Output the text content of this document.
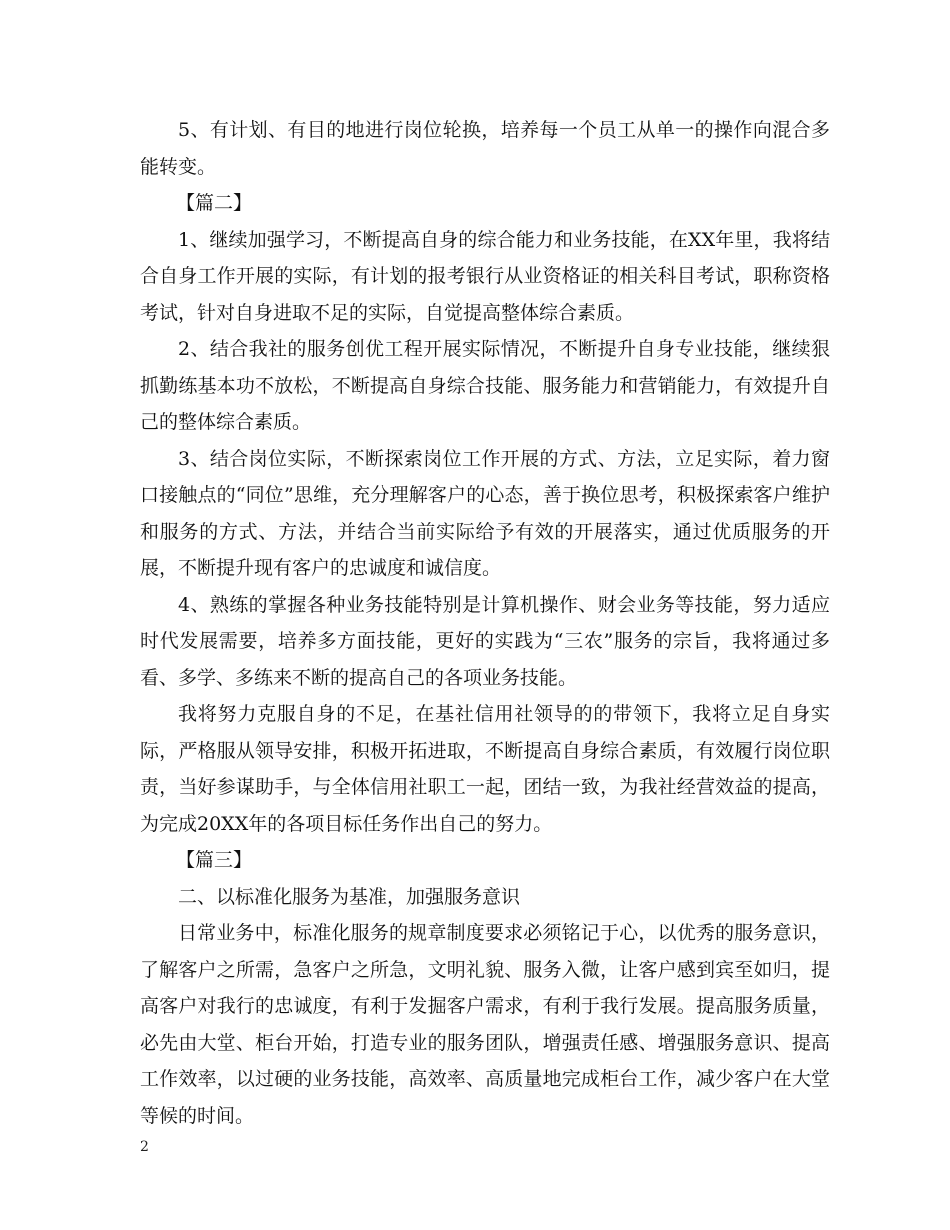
5、有计划、有目的地进行岗位轮换，培养每一个员工从单一的操作向混合多能转变。

【篇二】

1、继续加强学习，不断提高自身的综合能力和业务技能，在XX年里，我将结合自身工作开展的实际，有计划的报考银行从业资格证的相关科目考试，职称资格考试，针对自身进取不足的实际，自觉提高整体综合素质。

2、结合我社的服务创优工程开展实际情况，不断提升自身专业技能，继续狠抓勤练基本功不放松，不断提高自身综合技能、服务能力和营销能力，有效提升自己的整体综合素质。

3、结合岗位实际，不断探索岗位工作开展的方式、方法，立足实际，着力窗口接触点的“同位”思维，充分理解客户的心态，善于换位思考，积极探索客户维护和服务的方式、方法，并结合当前实际给予有效的开展落实，通过优质服务的开展，不断提升现有客户的忠诚度和诚信度。

4、熟练的掌握各种业务技能特别是计算机操作、财会业务等技能，努力适应时代发展需要，培养多方面技能，更好的实践为“三农”服务的宗旨，我将通过多看、多学、多练来不断的提高自己的各项业务技能。

我将努力克服自身的不足，在基社信用社领导的的带领下，我将立足自身实际，严格服从领导安排，积极开拓进取，不断提高自身综合素质，有效履行岗位职责，当好参谋助手，与全体信用社职工一起，团结一致，为我社经营效益的提高，为完成20XX年的各项目标任务作出自己的努力。

【篇三】

二、以标准化服务为基准，加强服务意识

日常业务中，标准化服务的规章制度要求必须铭记于心，以优秀的服务意识，了解客户之所需，急客户之所急，文明礼貌、服务入微，让客户感到宾至如归，提高客户对我行的忠诚度，有利于发掘客户需求，有利于我行发展。提高服务质量，必先由大堂、柜台开始，打造专业的服务团队，增强责任感、增强服务意识、提高工作效率，以过硬的业务技能，高效率、高质量地完成柜台工作，减少客户在大堂等候的时间。

2
